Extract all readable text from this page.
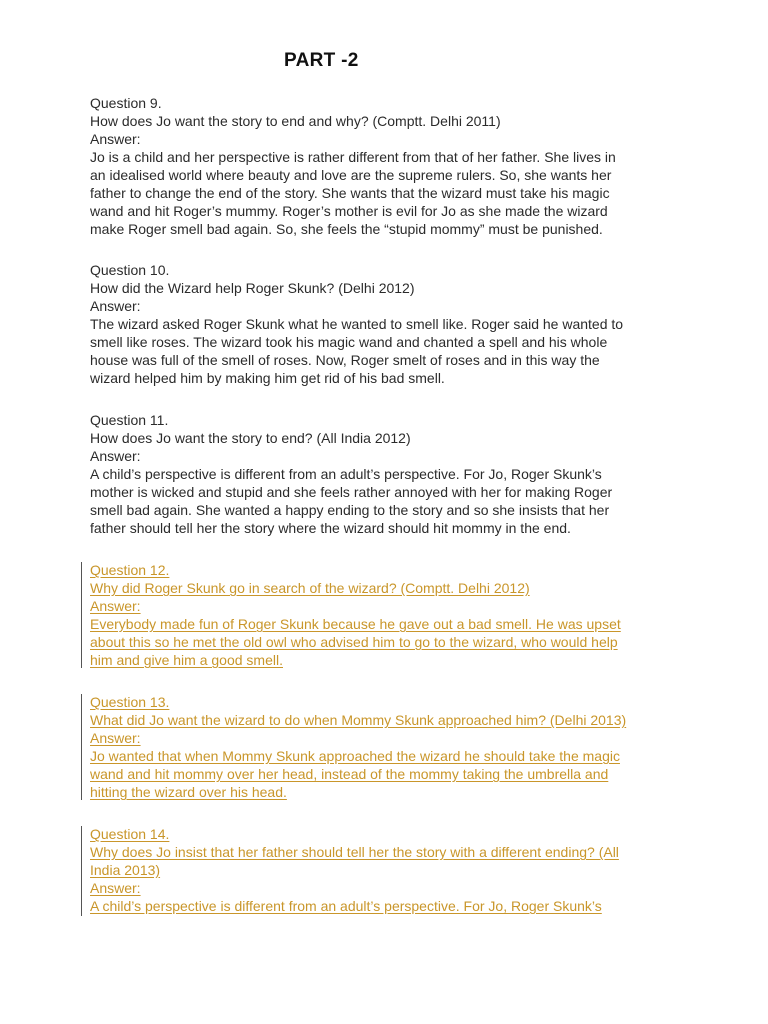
PART -2

Question 9.

How does Jo want the story to end and why? (Comptt. Delhi 2011)

Answer:

Jo is a child and her perspective is rather different from that of her father. She lives in

an idealised world where beauty and love are the supreme rulers. So, she wants her

father to change the end of the story. She wants that the wizard must take his magic

wand and hit Roger’s mummy. Roger’s mother is evil for Jo as she made the wizard

make Roger smell bad again. So, she feels the “stupid mommy” must be punished.

Question 10.

How did the Wizard help Roger Skunk? (Delhi 2012)

Answer:

The wizard asked Roger Skunk what he wanted to smell like. Roger said he wanted to

smell like roses. The wizard took his magic wand and chanted a spell and his whole

house was full of the smell of roses. Now, Roger smelt of roses and in this way the

wizard helped him by making him get rid of his bad smell.

Question 11.

How does Jo want the story to end? (All India 2012)

Answer:

A child’s perspective is different from an adult’s perspective. For Jo, Roger Skunk’s

mother is wicked and stupid and she feels rather annoyed with her for making Roger

smell bad again. She wanted a happy ending to the story and so she insists that her

father should tell her the story where the wizard should hit mommy in the end.

Question 12.

Why did Roger Skunk go in search of the wizard? (Comptt. Delhi 2012)

Answer:

Everybody made fun of Roger Skunk because he gave out a bad smell. He was upset

about this so he met the old owl who advised him to go to the wizard, who would help

him and give him a good smell.

Question 13.

What did Jo want the wizard to do when Mommy Skunk approached him? (Delhi 2013)

Answer:

Jo wanted that when Mommy Skunk approached the wizard he should take the magic

wand and hit mommy over her head, instead of the mommy taking the umbrella and

hitting the wizard over his head.

Question 14.

Why does Jo insist that her father should tell her the story with a different ending? (All

India 2013)

Answer:

A child’s perspective is different from an adult’s perspective. For Jo, Roger Skunk’s
